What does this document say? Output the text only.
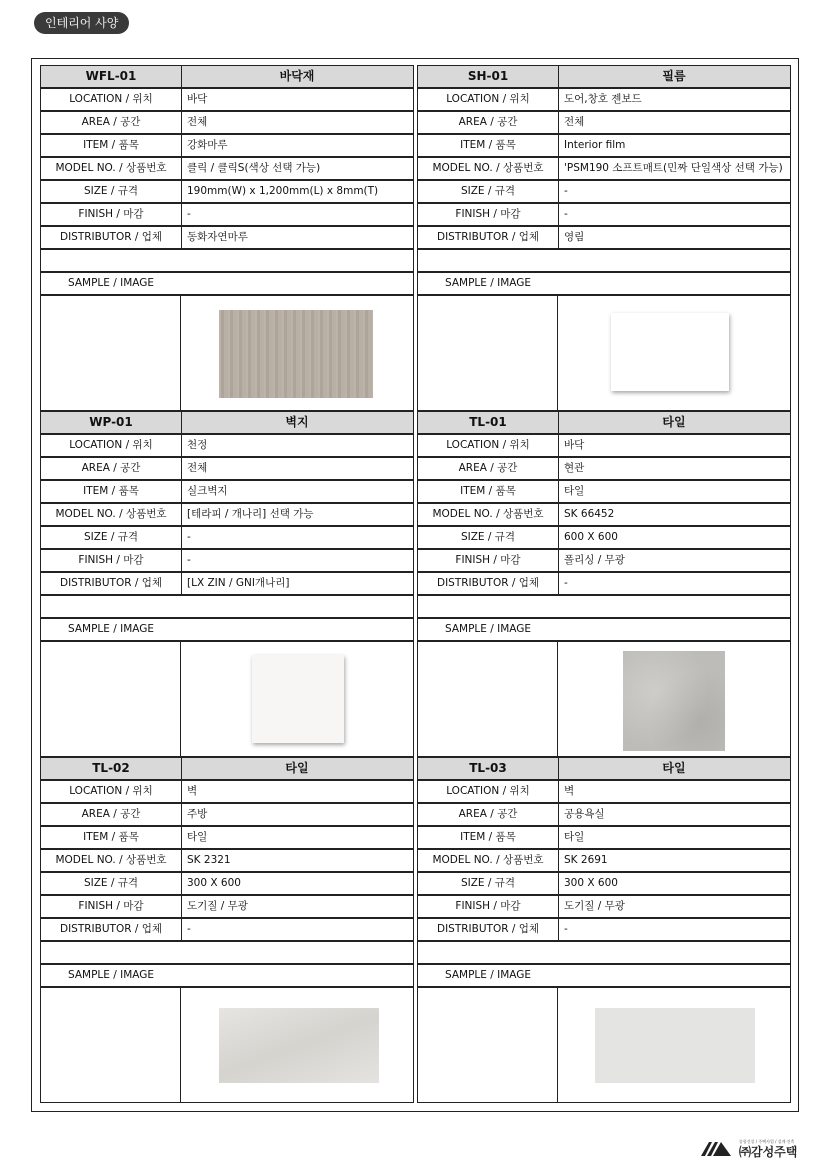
인테리어 사양
WFL-01	바닥재
LOCATION / 위치	바닥
AREA / 공간	전체
ITEM / 품목	강화마루
MODEL NO. / 상품번호	클릭 / 클릭S(색상 선택 가능)
SIZE / 규격	190mm(W) x 1,200mm(L) x 8mm(T)
FINISH / 마감	-
DISTRIBUTOR / 업체	동화자연마루
SAMPLE / IMAGE
SH-01	필름
LOCATION / 위치	도어,창호 젠보드
AREA / 공간	전체
ITEM / 품목	Interior film
MODEL NO. / 상품번호	'PSM190 소프트매트(민짜 단일색상 선택 가능)
SIZE / 규격	-
FINISH / 마감	-
DISTRIBUTOR / 업체	영림
SAMPLE / IMAGE
WP-01	벽지
LOCATION / 위치	천정
AREA / 공간	전체
ITEM / 품목	실크벽지
MODEL NO. / 상품번호	[테라피 / 개나리] 선택 가능
SIZE / 규격	-
FINISH / 마감	-
DISTRIBUTOR / 업체	[LX ZIN / GNI개나리]
SAMPLE / IMAGE
TL-01	타일
LOCATION / 위치	바닥
AREA / 공간	현관
ITEM / 품목	타일
MODEL NO. / 상품번호	SK 66452
SIZE / 규격	600 X 600
FINISH / 마감	폴리싱 / 무광
DISTRIBUTOR / 업체	-
SAMPLE / IMAGE
TL-02	타일
LOCATION / 위치	벽
AREA / 공간	주방
ITEM / 품목	타일
MODEL NO. / 상품번호	SK 2321
SIZE / 규격	300 X 600
FINISH / 마감	도기질 / 무광
DISTRIBUTOR / 업체	-
SAMPLE / IMAGE
TL-03	타일
LOCATION / 위치	벽
AREA / 공간	공용욕실
ITEM / 품목	타일
MODEL NO. / 상품번호	SK 2691
SIZE / 규격	300 X 600
FINISH / 마감	도기질 / 무광
DISTRIBUTOR / 업체	-
SAMPLE / IMAGE
종합건설 / 주택사업 / 설계·건축
㈜감성주택
